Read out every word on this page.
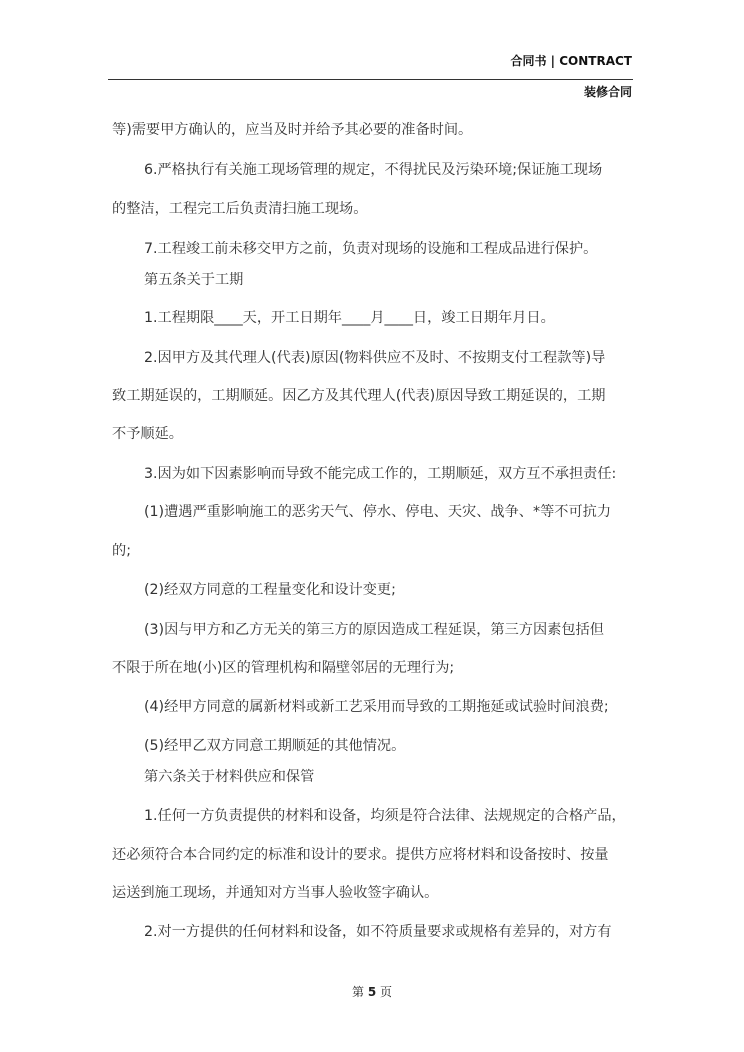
合同书 | CONTRACT
装修合同

等)需要甲方确认的，应当及时并给予其必要的准备时间。

6.严格执行有关施工现场管理的规定，不得扰民及污染环境;保证施工现场

的整洁，工程完工后负责清扫施工现场。

7.工程竣工前未移交甲方之前，负责对现场的设施和工程成品进行保护。

第五条关于工期

1.工程期限____天，开工日期年____月____日，竣工日期年月日。

2.因甲方及其代理人(代表)原因(物料供应不及时、不按期支付工程款等)导

致工期延误的，工期顺延。因乙方及其代理人(代表)原因导致工期延误的，工期

不予顺延。

3.因为如下因素影响而导致不能完成工作的，工期顺延，双方互不承担责任:

(1)遭遇严重影响施工的恶劣天气、停水、停电、天灾、战争、*等不可抗力

的;

(2)经双方同意的工程量变化和设计变更;

(3)因与甲方和乙方无关的第三方的原因造成工程延误，第三方因素包括但

不限于所在地(小)区的管理机构和隔壁邻居的无理行为;

(4)经甲方同意的属新材料或新工艺采用而导致的工期拖延或试验时间浪费;

(5)经甲乙双方同意工期顺延的其他情况。

第六条关于材料供应和保管

1.任何一方负责提供的材料和设备，均须是符合法律、法规规定的合格产品，

还必须符合本合同约定的标准和设计的要求。提供方应将材料和设备按时、按量

运送到施工现场，并通知对方当事人验收签字确认。

2.对一方提供的任何材料和设备，如不符质量要求或规格有差异的，对方有

第 5 页
